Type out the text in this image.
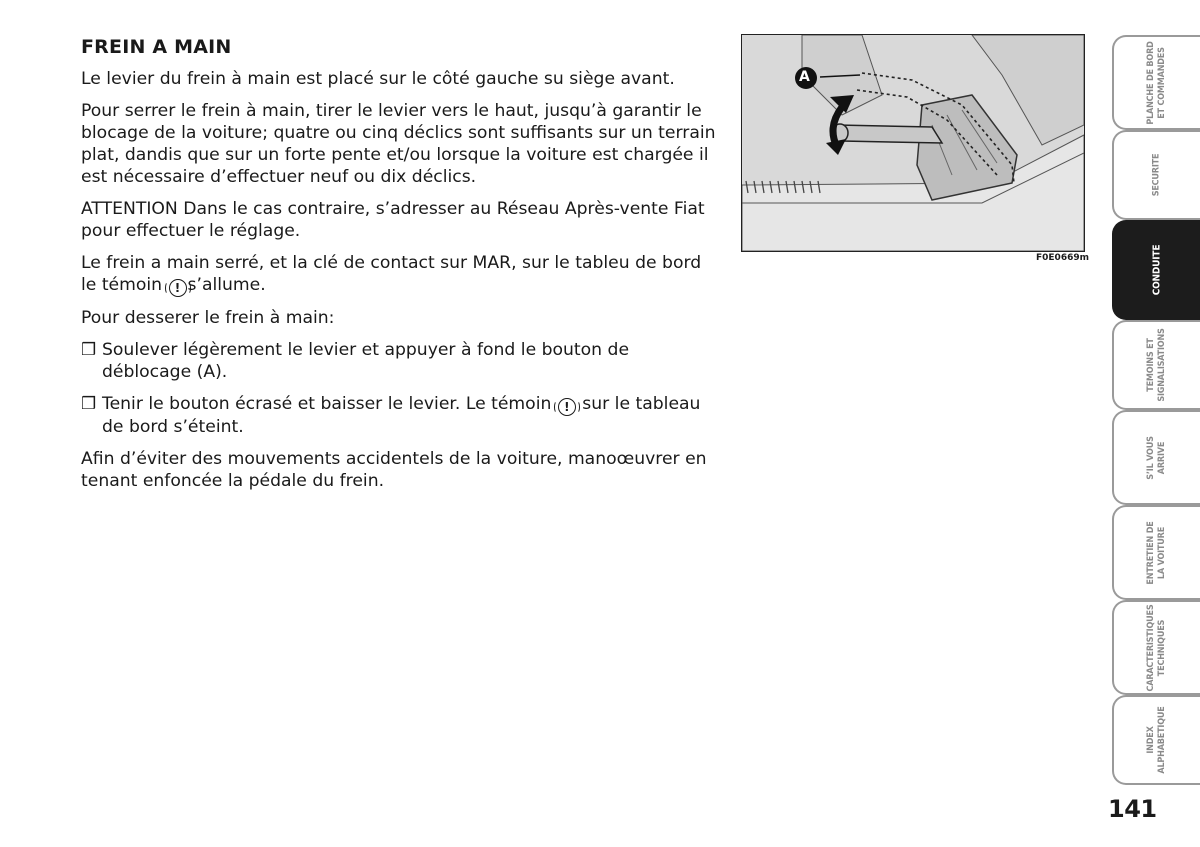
FREIN A MAIN

Le levier du frein à main est placé sur le côté gauche su siège avant.

Pour serrer le frein à main, tirer le levier vers le haut, jusqu’à garantir le blocage de la voiture; quatre ou cinq déclics sont suffisants sur un terrain plat, dandis que sur un forte pente et/ou lorsque la voiture est chargée il est nécessaire d’effectuer neuf ou dix déclics.

ATTENTION Dans le cas contraire, s’adresser au Réseau Après-vente Fiat pour effectuer le réglage.

Le frein a main serré, et la clé de contact sur MAR, sur le tableu de bord le témoin ! s’allume.

Pour desserer le frein à main:

❒ Soulever légèrement le levier et appuyer à fond le bouton de déblocage (A).

❒ Tenir le bouton écrasé et baisser le levier. Le témoin ! sur le tableau de bord s’éteint.

Afin d’éviter des mouvements accidentels de la voiture, manoœuvrer en tenant enfoncée la pédale du frein.

A
F0E0669m
PLANCHE DE BORD ET COMMANDES
SECURITE
CONDUITE
TEMOINS ET SIGNALISATIONS
S’IL VOUS ARRIVE
ENTRETIEN DE LA VOITURE
CARACTERISTIQUES TECHNIQUES
INDEX ALPHABETIQUE
141
